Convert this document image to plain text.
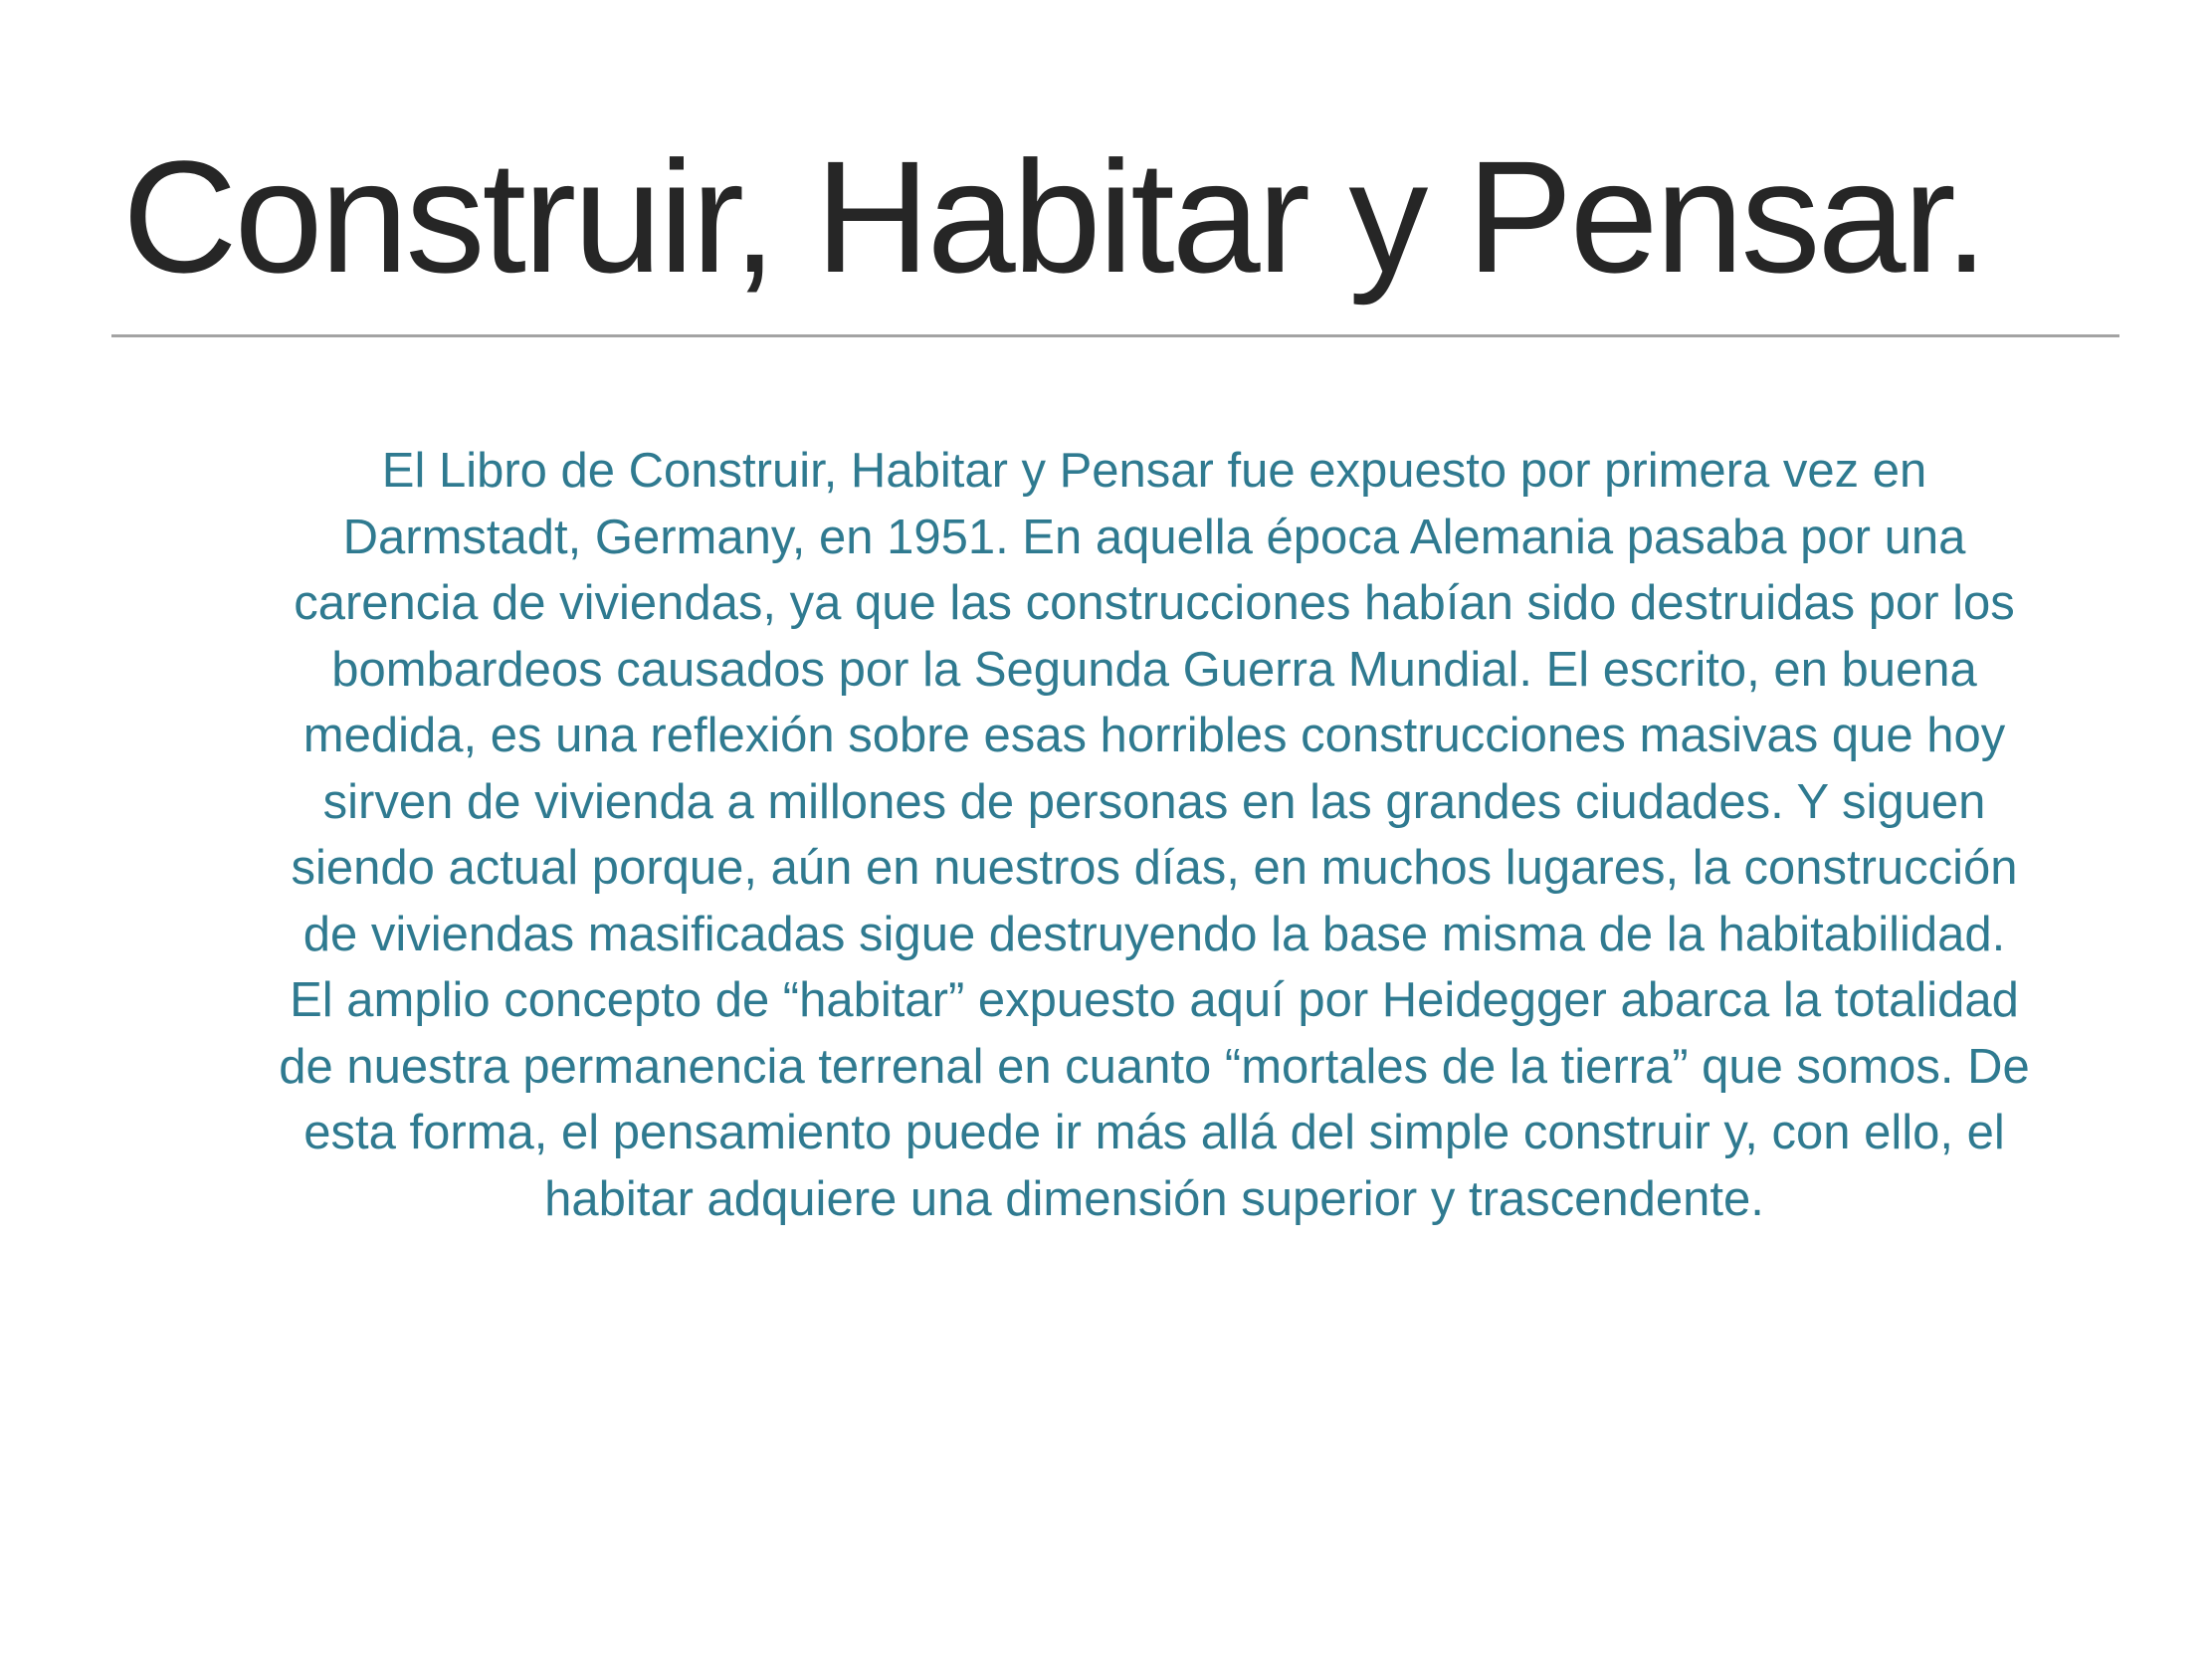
Construir, Habitar y Pensar.

El Libro de Construir, Habitar y Pensar fue expuesto por primera vez en Darmstadt, Germany, en 1951. En aquella época Alemania pasaba por una carencia de viviendas, ya que las construcciones habían sido destruidas por los bombardeos causados por la Segunda Guerra Mundial. El escrito, en buena medida, es una reflexión sobre esas horribles construcciones masivas que hoy sirven de vivienda a millones de personas en las grandes ciudades. Y siguen siendo actual porque, aún en nuestros días, en muchos lugares, la construcción de viviendas masificadas sigue destruyendo la base misma de la habitabilidad.

El amplio concepto de “habitar” expuesto aquí por Heidegger abarca la totalidad de nuestra permanencia terrenal en cuanto “mortales de la tierra” que somos. De esta forma, el pensamiento puede ir más allá del simple construir y, con ello, el habitar adquiere una dimensión superior y trascendente.
